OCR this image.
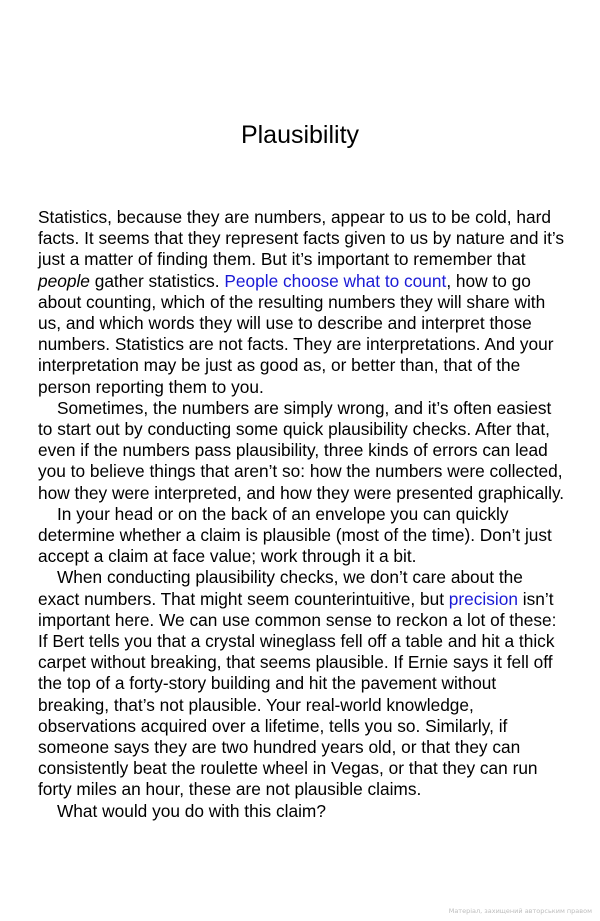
Plausibility

Statistics, because they are numbers, appear to us to be cold, hard facts. It seems that they represent facts given to us by nature and it’s just a matter of finding them. But it’s important to remember that people gather statistics. People choose what to count, how to go about counting, which of the resulting numbers they will share with us, and which words they will use to describe and interpret those numbers. Statistics are not facts. They are interpretations. And your interpretation may be just as good as, or better than, that of the person reporting them to you.

Sometimes, the numbers are simply wrong, and it’s often easiest to start out by conducting some quick plausibility checks. After that, even if the numbers pass plausibility, three kinds of errors can lead you to believe things that aren’t so: how the numbers were collected, how they were interpreted, and how they were presented graphically.

In your head or on the back of an envelope you can quickly determine whether a claim is plausible (most of the time). Don’t just accept a claim at face value; work through it a bit.

When conducting plausibility checks, we don’t care about the exact numbers. That might seem counterintuitive, but precision isn’t important here. We can use common sense to reckon a lot of these: If Bert tells you that a crystal wineglass fell off a table and hit a thick carpet without breaking, that seems plausible. If Ernie says it fell off the top of a forty-story building and hit the pavement without breaking, that’s not plausible. Your real-world knowledge, observations acquired over a lifetime, tells you so. Similarly, if someone says they are two hundred years old, or that they can consistently beat the roulette wheel in Vegas, or that they can run forty miles an hour, these are not plausible claims.

What would you do with this claim?

Матеріал, захищений авторським правом
